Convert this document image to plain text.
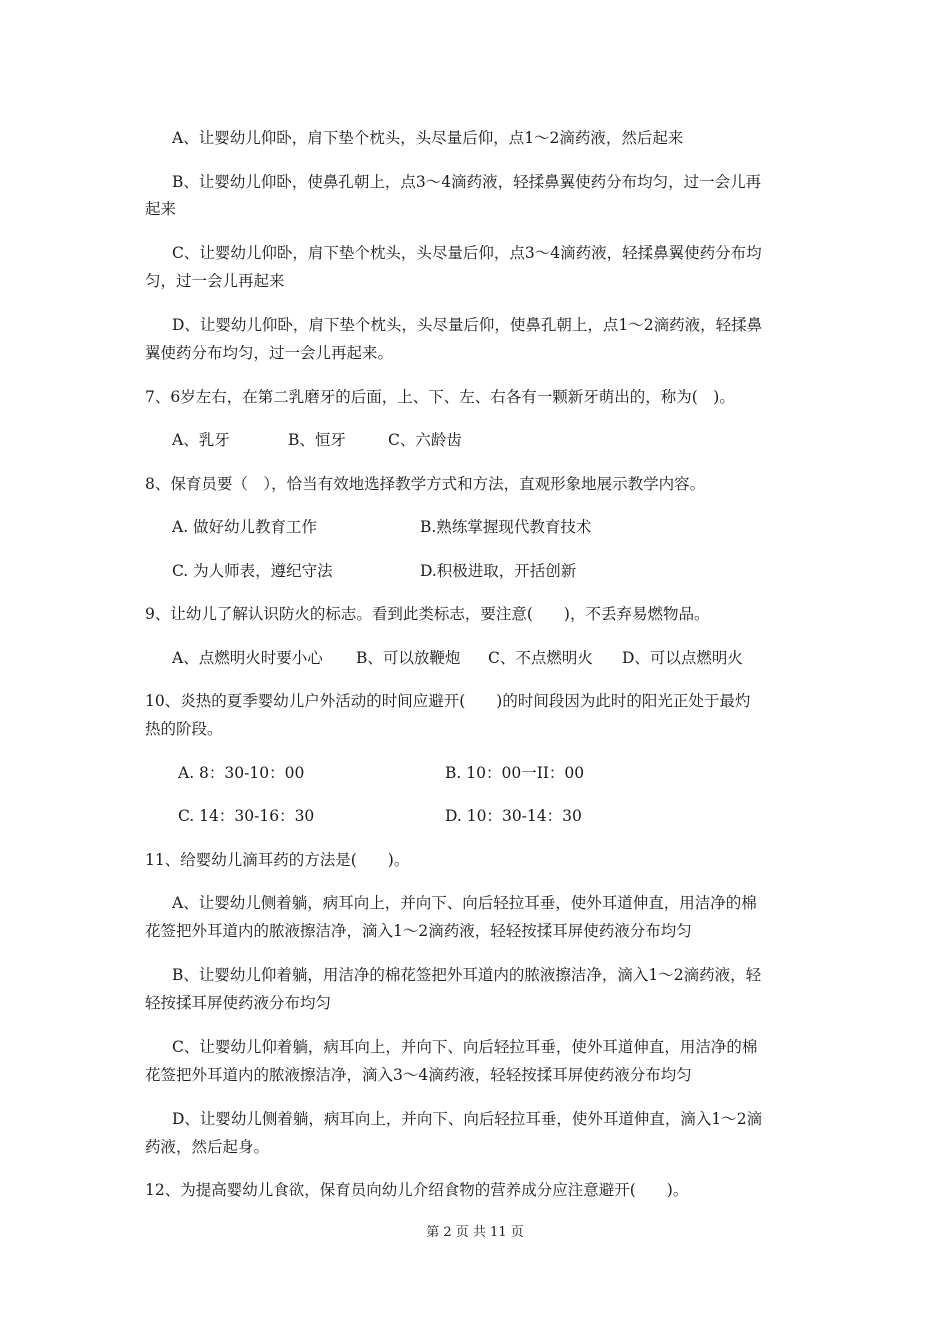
A、让婴幼儿仰卧，肩下垫个枕头，头尽量后仰，点1～2滴药液，然后起来
B、让婴幼儿仰卧，使鼻孔朝上，点3～4滴药液，轻揉鼻翼使药分布均匀，过一会儿再
起来
C、让婴幼儿仰卧，肩下垫个枕头，头尽量后仰，点3～4滴药液，轻揉鼻翼使药分布均
匀，过一会儿再起来
D、让婴幼儿仰卧，肩下垫个枕头，头尽量后仰，使鼻孔朝上，点1～2滴药液，轻揉鼻
翼使药分布均匀，过一会儿再起来。
7、6岁左右，在第二乳磨牙的后面，上、下、左、右各有一颗新牙萌出的，称为(　)。
A、乳牙	B、恒牙	C、六龄齿
8、保育员要（　），恰当有效地选择教学方式和方法，直观形象地展示教学内容。
A. 做好幼儿教育工作	B.熟练掌握现代教育技术
C. 为人师表，遵纪守法	D.积极进取，开括创新
9、让幼儿了解认识防火的标志。看到此类标志，要注意(　　)，不丢弃易燃物品。
A、点燃明火时要小心 B、可以放鞭炮 C、不点燃明火 D、可以点燃明火
10、炎热的夏季婴幼儿户外活动的时间应避开(　　)的时间段因为此时的阳光正处于最灼
热的阶段。
A. 8：30-10：00	B. 10：00一II：00
C. 14：30-16：30	D. 10：30-14：30
11、给婴幼儿滴耳药的方法是(　　)。
A、让婴幼儿侧着躺，病耳向上，并向下、向后轻拉耳垂，使外耳道伸直，用洁净的棉
花签把外耳道内的脓液擦洁净，滴入1～2滴药液，轻轻按揉耳屏使药液分布均匀
B、让婴幼儿仰着躺，用洁净的棉花签把外耳道内的脓液擦洁净，滴入1～2滴药液，轻
轻按揉耳屏使药液分布均匀
C、让婴幼儿仰着躺，病耳向上，并向下、向后轻拉耳垂，使外耳道伸直，用洁净的棉
花签把外耳道内的脓液擦洁净，滴入3～4滴药液，轻轻按揉耳屏使药液分布均匀
D、让婴幼儿侧着躺，病耳向上，并向下、向后轻拉耳垂，使外耳道伸直，滴入1～2滴
药液，然后起身。
12、为提高婴幼儿食欲，保育员向幼儿介绍食物的营养成分应注意避开(　　)。
第 2 页 共 11 页
